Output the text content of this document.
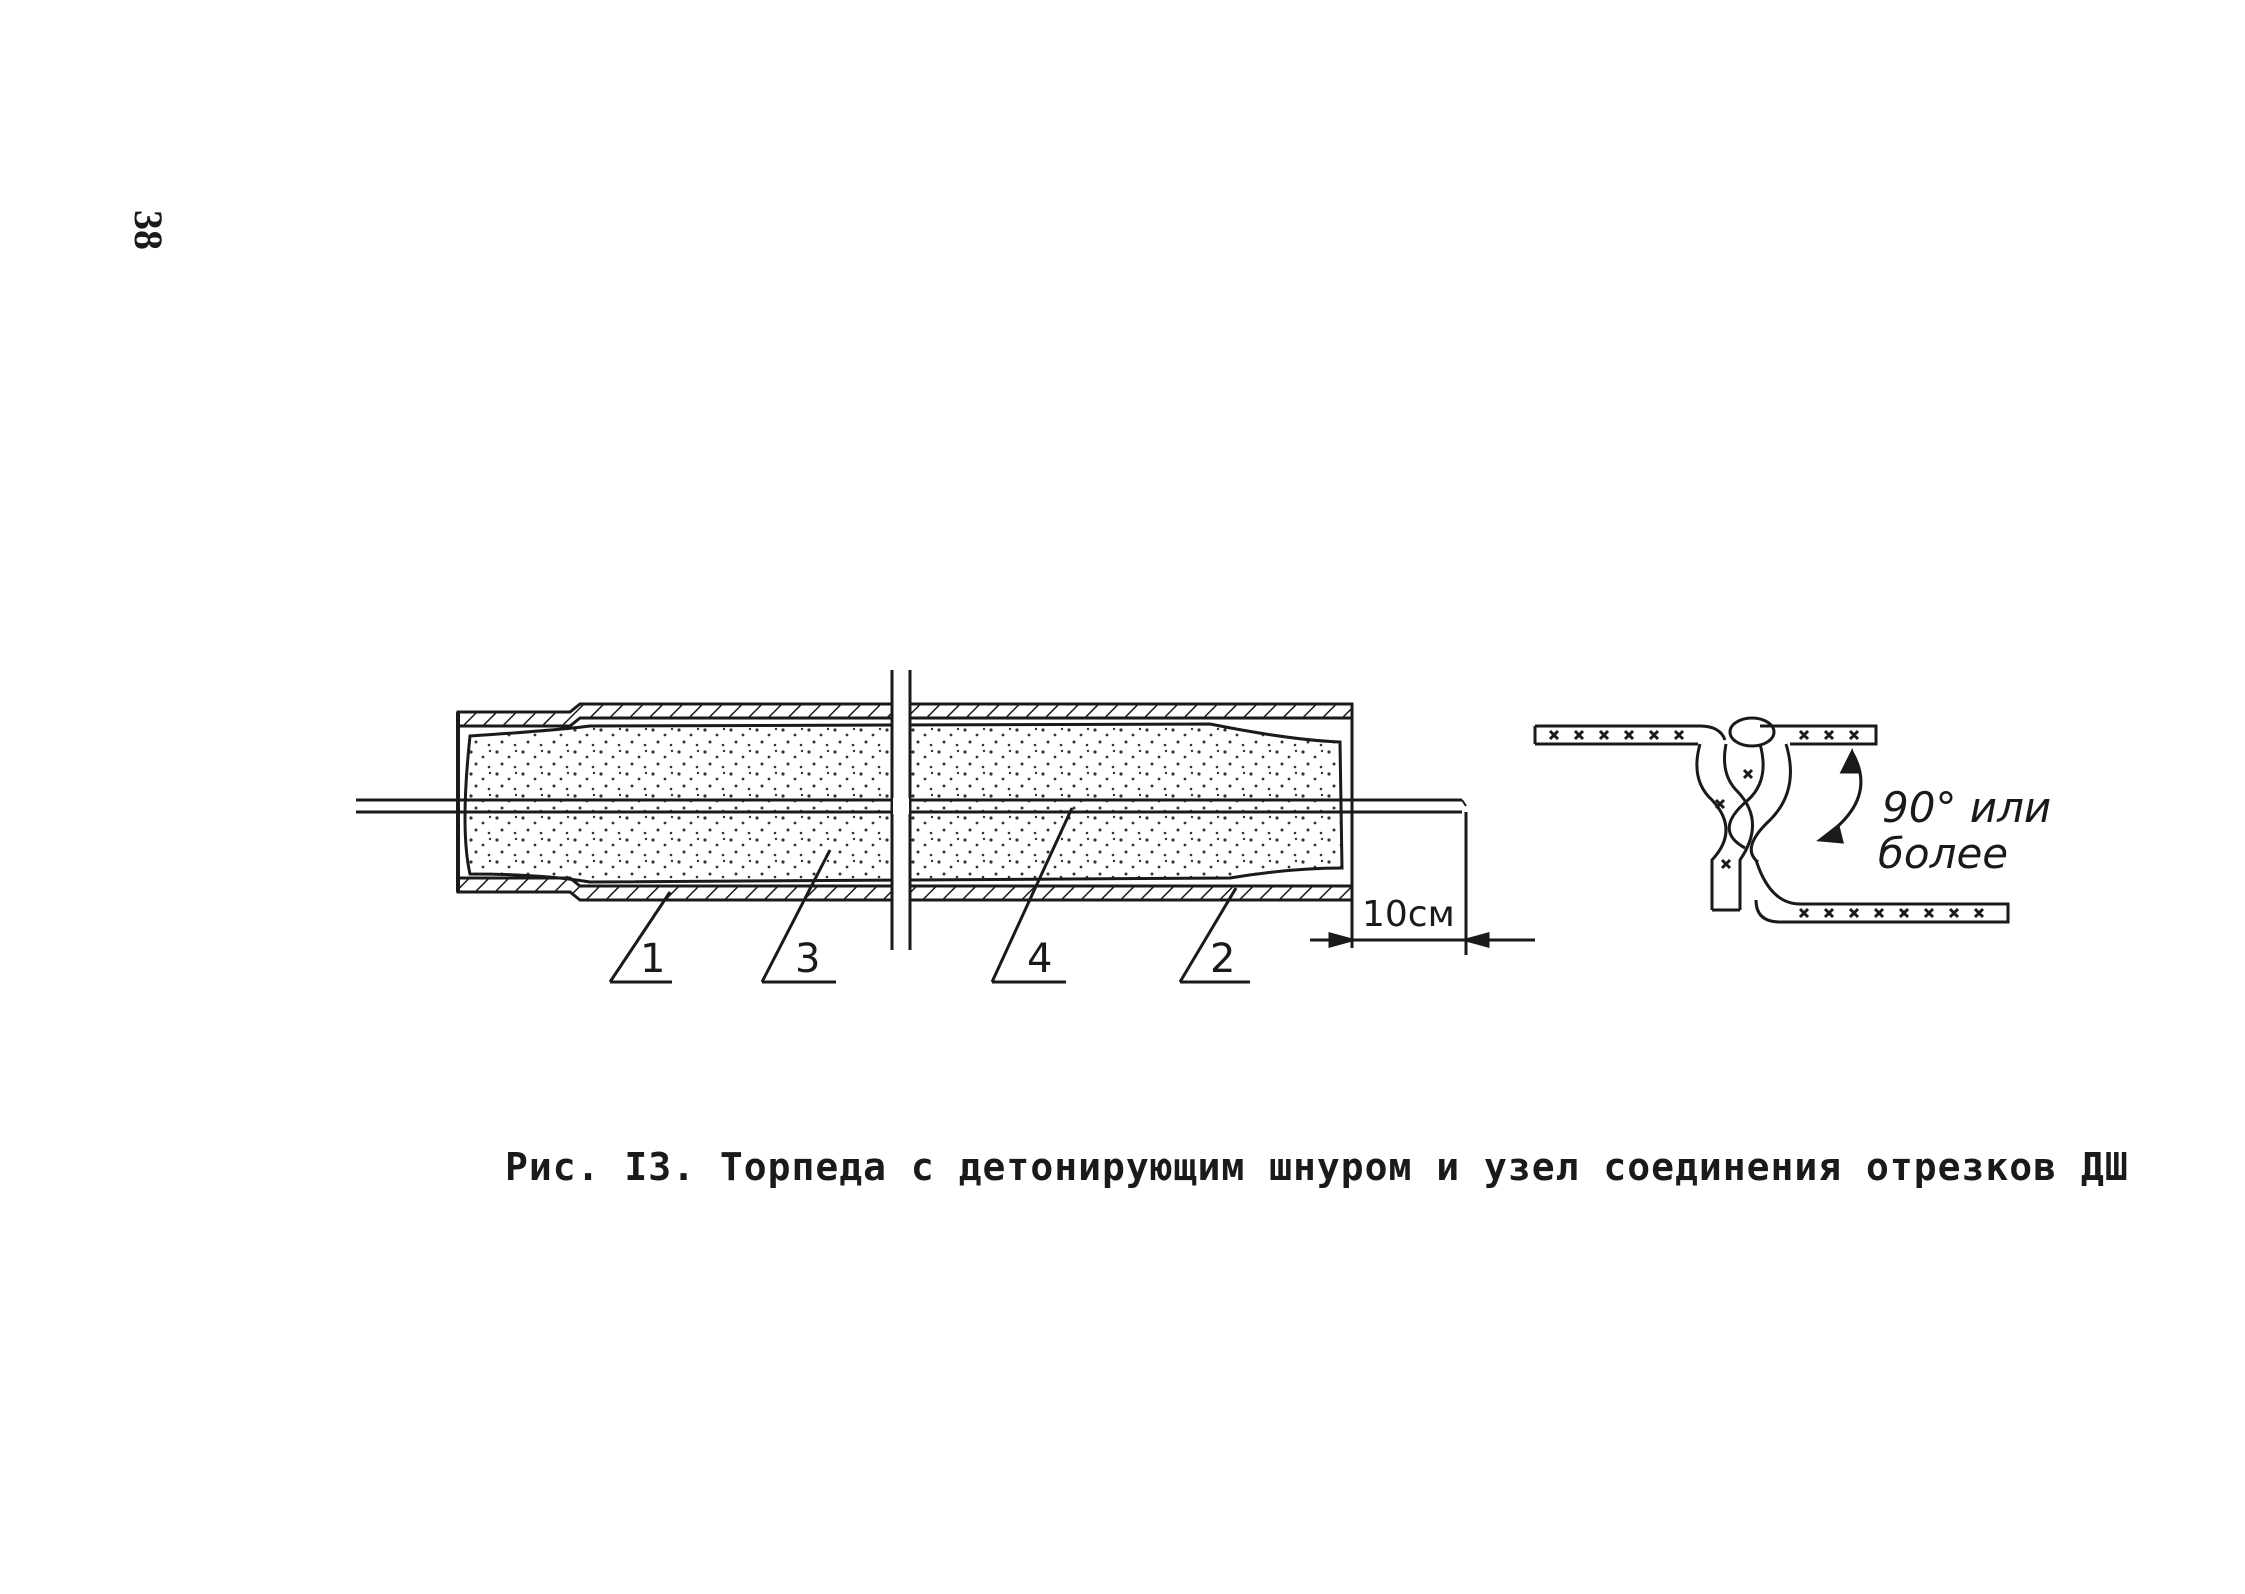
38
1	3	4	2
10см
90° или
более
Рис. I3. Торпеда с детонирующим шнуром и узел соединения отрезков ДШ
